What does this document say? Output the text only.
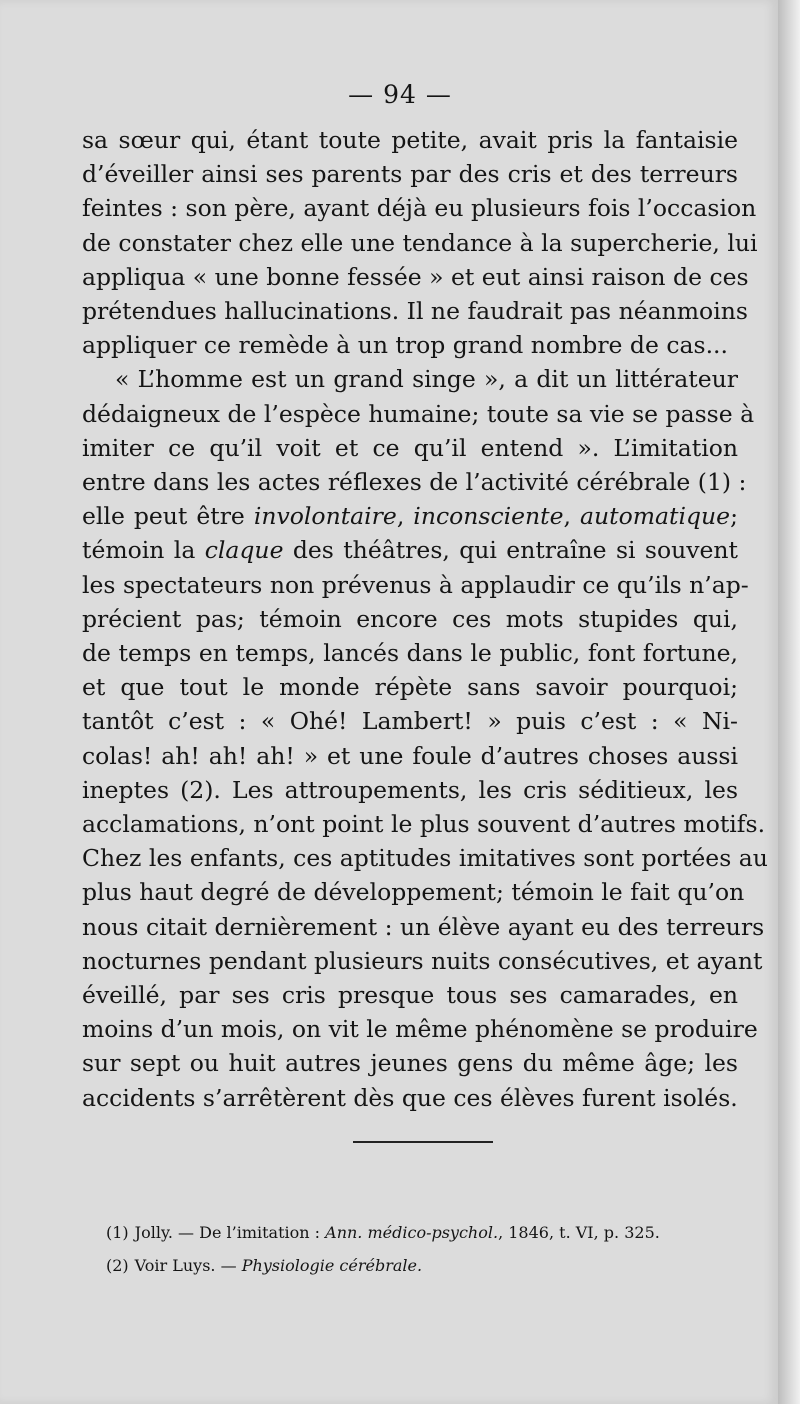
— 94 —
sa sœur qui, étant toute petite, avait pris la fantaisie
d’éveiller ainsi ses parents par des cris et des terreurs
feintes : son père, ayant déjà eu plusieurs fois l’occasion
de constater chez elle une tendance à la supercherie, lui
appliqua « une bonne fessée » et eut ainsi raison de ces
prétendues hallucinations. Il ne faudrait pas néanmoins
appliquer ce remède à un trop grand nombre de cas...
« L’homme est un grand singe », a dit un littérateur
dédaigneux de l’espèce humaine; toute sa vie se passe à
imiter ce qu’il voit et ce qu’il entend ». L’imitation
entre dans les actes réflexes de l’activité cérébrale (1) :
elle peut être involontaire, inconsciente, automatique;
témoin la claque des théâtres, qui entraîne si souvent
les spectateurs non prévenus à applaudir ce qu’ils n’ap-
précient pas; témoin encore ces mots stupides qui,
de temps en temps, lancés dans le public, font fortune,
et que tout le monde répète sans savoir pourquoi;
tantôt c’est : « Ohé! Lambert! » puis c’est : « Ni-
colas! ah! ah! ah! » et une foule d’autres choses aussi
ineptes (2). Les attroupements, les cris séditieux, les
acclamations, n’ont point le plus souvent d’autres motifs.
Chez les enfants, ces aptitudes imitatives sont portées au
plus haut degré de développement; témoin le fait qu’on
nous citait dernièrement : un élève ayant eu des terreurs
nocturnes pendant plusieurs nuits consécutives, et ayant
éveillé, par ses cris presque tous ses camarades, en
moins d’un mois, on vit le même phénomène se produire
sur sept ou huit autres jeunes gens du même âge; les
accidents s’arrêtèrent dès que ces élèves furent isolés.
(1) Jolly. — De l’imitation : Ann. médico-psychol., 1846, t. VI, p. 325.
(2) Voir Luys. — Physiologie cérébrale.
